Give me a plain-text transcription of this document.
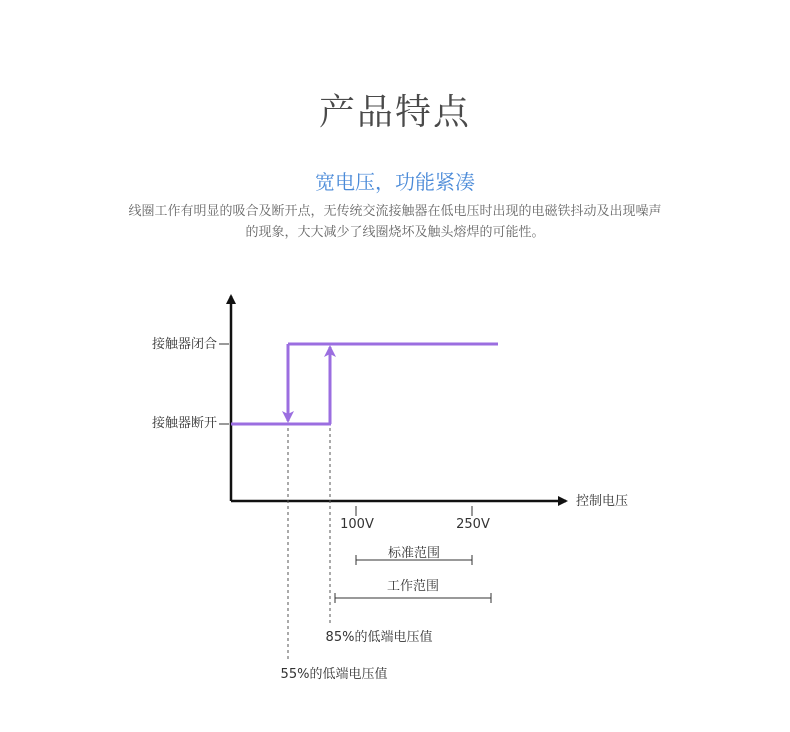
产品特点
宽电压，功能紧凑
线圈工作有明显的吸合及断开点，无传统交流接触器在低电压时出现的电磁铁抖动及出现噪声
的现象，大大减少了线圈烧坏及触头熔焊的可能性。
接触器闭合
接触器断开
控制电压
100V	250V
标准范围
工作范围
85%的低端电压值
55%的低端电压值
